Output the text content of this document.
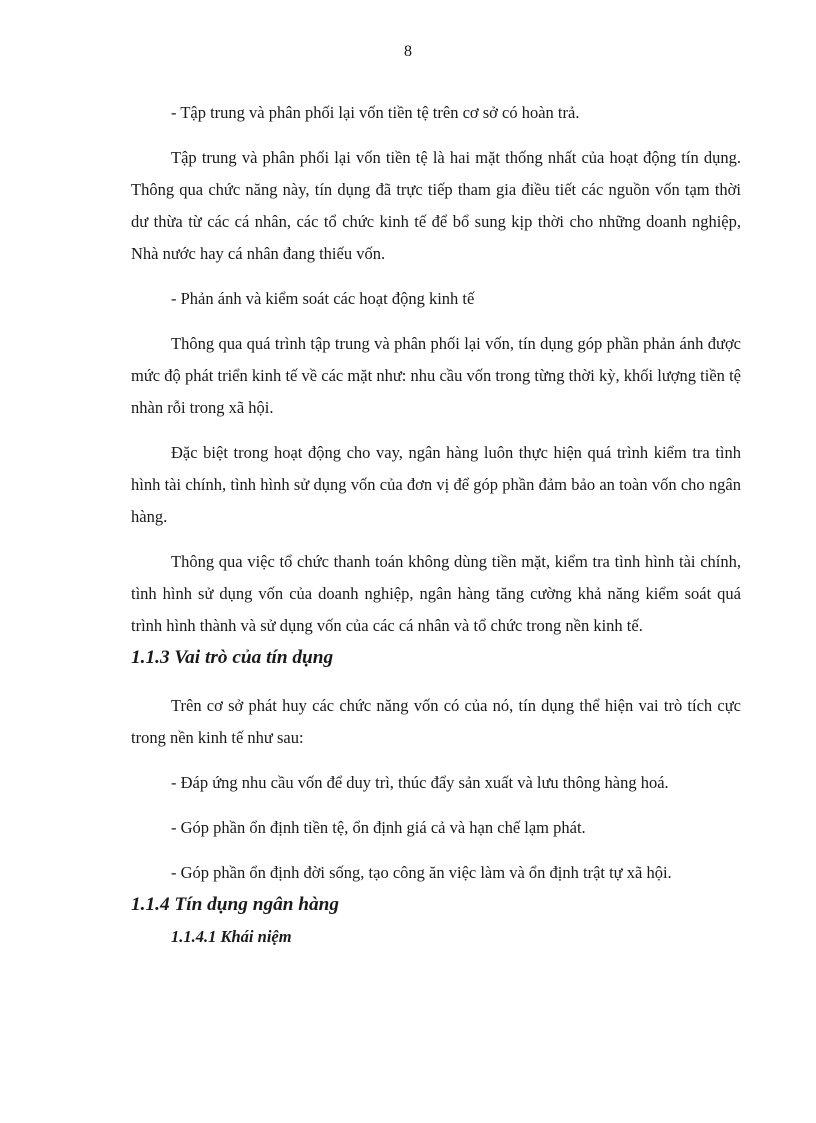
8

- Tập trung và phân phối lại vốn tiền tệ trên cơ sở có hoàn trả.

Tập trung và phân phối lại vốn tiền tệ là hai mặt thống nhất của hoạt động tín dụng. Thông qua chức năng này, tín dụng đã trực tiếp tham gia điều tiết các nguồn vốn tạm thời dư thừa từ các cá nhân, các tổ chức kinh tế để bổ sung kịp thời cho những doanh nghiệp, Nhà nước hay cá nhân đang thiếu vốn.

- Phản ánh và kiểm soát các hoạt động kinh tế

Thông qua quá trình tập trung và phân phối lại vốn, tín dụng góp phần phản ánh được mức độ phát triển kinh tế về các mặt như: nhu cầu vốn trong từng thời kỳ, khối lượng tiền tệ nhàn rỗi trong xã hội.

Đặc biệt trong hoạt động cho vay, ngân hàng luôn thực hiện quá trình kiểm tra tình hình tài chính, tình hình sử dụng vốn của đơn vị để góp phần đảm bảo an toàn vốn cho ngân hàng.

Thông qua việc tổ chức thanh toán không dùng tiền mặt, kiểm tra tình hình tài chính, tình hình sử dụng vốn của doanh nghiệp, ngân hàng tăng cường khả năng kiểm soát quá trình hình thành và sử dụng vốn của các cá nhân và tổ chức trong nền kinh tế.

1.1.3 Vai trò của tín dụng

Trên cơ sở phát huy các chức năng vốn có của nó, tín dụng thể hiện vai trò tích cực trong nền kinh tế như sau:

- Đáp ứng nhu cầu vốn để duy trì, thúc đẩy sản xuất và lưu thông hàng hoá.

- Góp phần ổn định tiền tệ, ổn định giá cả và hạn chế lạm phát.

- Góp phần ổn định đời sống, tạo công ăn việc làm và ổn định trật tự xã hội.

1.1.4 Tín dụng ngân hàng
1.1.4.1 Khái niệm
